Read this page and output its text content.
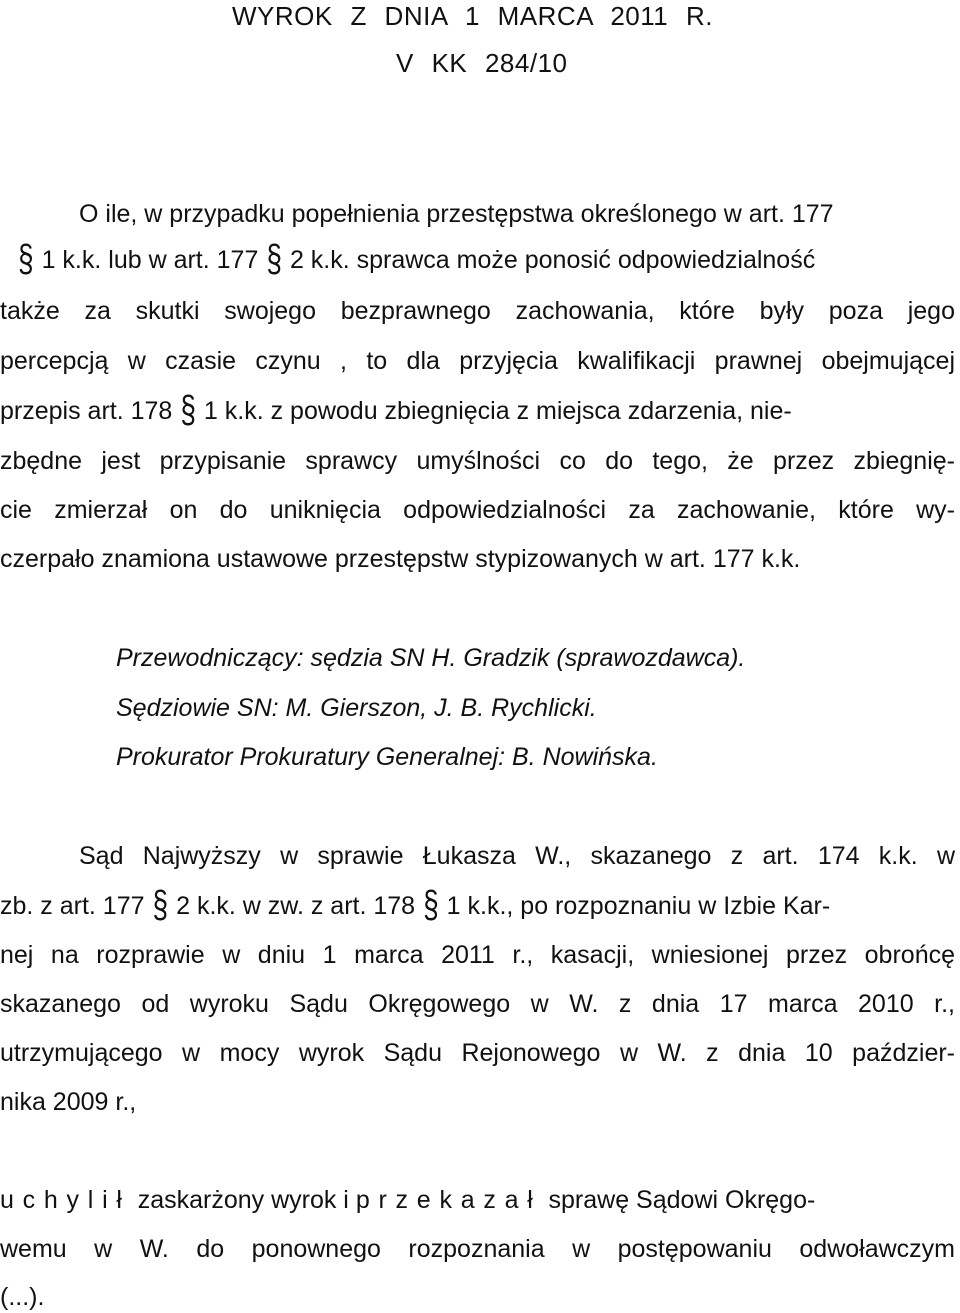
WYROK Z DNIA 1 MARCA 2011 R.
V KK 284/10
O ile, w przypadku popełnienia przestępstwa określonego w art. 177
§ 1 k.k. lub w art. 177 § 2 k.k. sprawca może ponosić odpowiedzialność
także za skutki swojego bezprawnego zachowania, które były poza jego
percepcją w czasie czynu , to dla przyjęcia kwalifikacji prawnej obejmującej
przepis art. 178 § 1 k.k. z powodu zbiegnięcia z miejsca zdarzenia, nie-
zbędne jest przypisanie sprawcy umyślności co do tego, że przez zbiegnię-
cie zmierzał on do uniknięcia odpowiedzialności za zachowanie, które wy-
czerpało znamiona ustawowe przestępstw stypizowanych w art. 177 k.k.
Przewodniczący: sędzia SN H. Gradzik (sprawozdawca).
Sędziowie SN: M. Gierszon, J. B. Rychlicki.
Prokurator Prokuratury Generalnej: B. Nowińska.
Sąd Najwyższy w sprawie Łukasza W., skazanego z art. 174 k.k. w
zb. z art. 177 § 2 k.k. w zw. z art. 178 § 1 k.k., po rozpoznaniu w Izbie Kar-
nej na rozprawie w dniu 1 marca 2011 r., kasacji, wniesionej przez obrońcę
skazanego od wyroku Sądu Okręgowego w W. z dnia 17 marca 2010 r.,
utrzymującego w mocy wyrok Sądu Rejonowego w W. z dnia 10 paździer-
nika 2009 r.,
uchylił zaskarżony wyrok i przekazał sprawę Sądowi Okręgo-
wemu w W. do ponownego rozpoznania w postępowaniu odwoławczym
(...).
